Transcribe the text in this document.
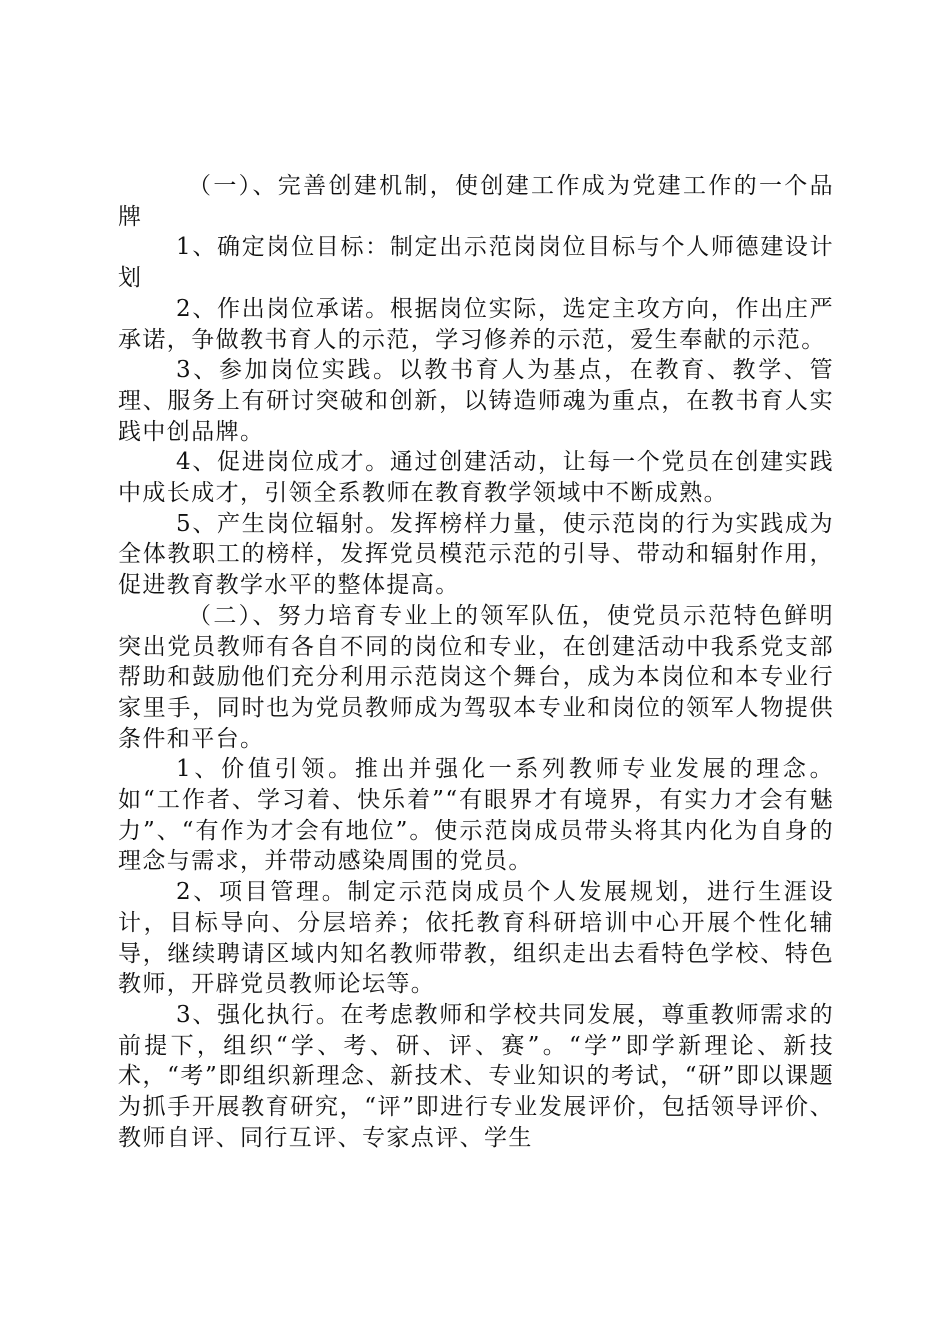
（一）、完善创建机制，使创建工作成为党建工作的一个品牌

1、确定岗位目标：制定出示范岗岗位目标与个人师德建设计划

2、作出岗位承诺。根据岗位实际，选定主攻方向，作出庄严承诺，争做教书育人的示范，学习修养的示范，爱生奉献的示范。

3、参加岗位实践。以教书育人为基点，在教育、教学、管理、服务上有研讨突破和创新，以铸造师魂为重点，在教书育人实践中创品牌。

4、促进岗位成才。通过创建活动，让每一个党员在创建实践中成长成才，引领全系教师在教育教学领域中不断成熟。

5、产生岗位辐射。发挥榜样力量，使示范岗的行为实践成为全体教职工的榜样，发挥党员模范示范的引导、带动和辐射作用，促进教育教学水平的整体提高。

（二）、努力培育专业上的领军队伍，使党员示范特色鲜明突出党员教师有各自不同的岗位和专业，在创建活动中我系党支部帮助和鼓励他们充分利用示范岗这个舞台，成为本岗位和本专业行家里手，同时也为党员教师成为驾驭本专业和岗位的领军人物提供条件和平台。

1、价值引领。推出并强化一系列教师专业发展的理念。如“工作者、学习着、快乐着”“有眼界才有境界，有实力才会有魅力”、“有作为才会有地位”。使示范岗成员带头将其内化为自身的理念与需求，并带动感染周围的党员。

2、项目管理。制定示范岗成员个人发展规划，进行生涯设计，目标导向、分层培养；依托教育科研培训中心开展个性化辅导，继续聘请区域内知名教师带教，组织走出去看特色学校、特色教师，开辟党员教师论坛等。

3、强化执行。在考虑教师和学校共同发展，尊重教师需求的前提下，组织“学、考、研、评、赛”。“学”即学新理论、新技术，“考”即组织新理念、新技术、专业知识的考试，“研”即以课题为抓手开展教育研究，“评”即进行专业发展评价，包括领导评价、教师自评、同行互评、专家点评、学生
